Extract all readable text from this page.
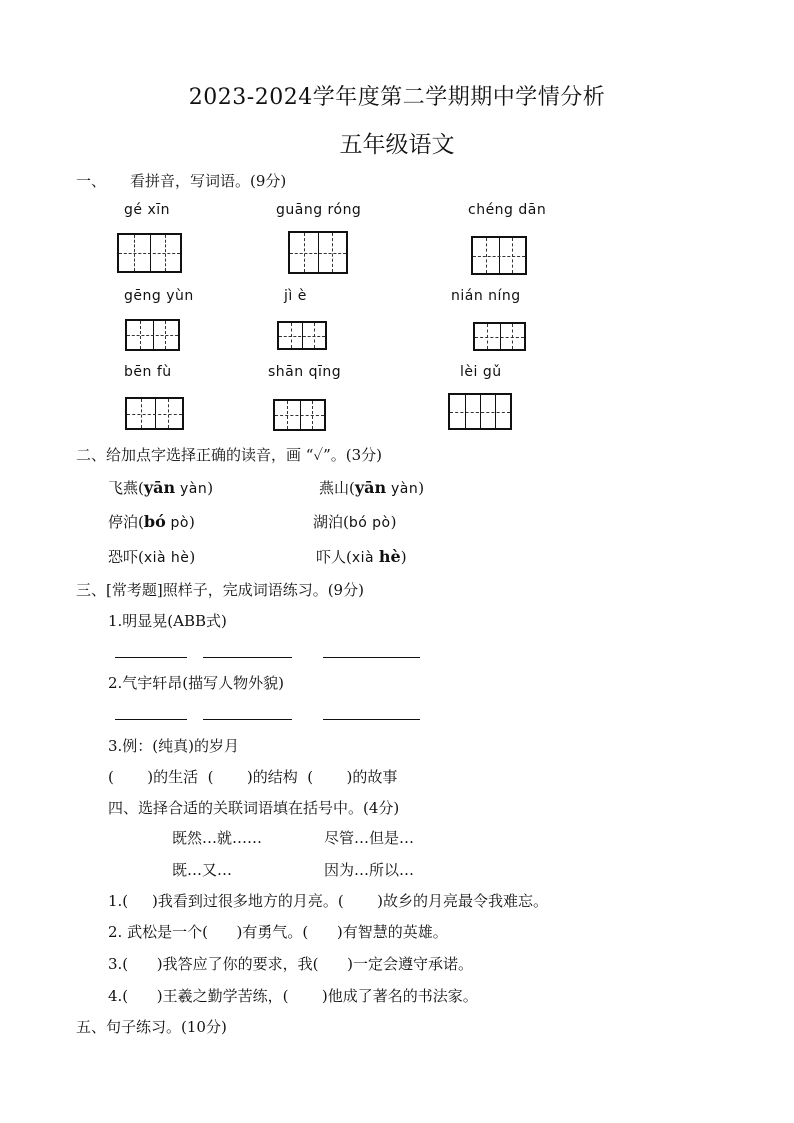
2023-2024学年度第二学期期中学情分析
五年级语文
一、 看拼音，写词语。(9分)
gé xīn	guāng róng	chéng dān
gēng yùn	jì è	nián níng
bēn fù	shān qīng	lèi gǔ
二、给加点字选择正确的读音，画 “✓”。(3分)
飞燕(yān yàn)	燕山(yān yàn)
停泊(bó pò)	湖泊(bó pò)
恐吓(xià hè)	吓人(xià hè)
三、[常考题]照样子，完成词语练习。(9分)
1.明显晃(ABB式)
2.气宇轩昂(描写人物外貌)
3.例：(纯真)的岁月
(       )的生活  (       )的结构  (       )的故事
四、选择合适的关联词语填在括号中。(4分)
既然…就……	尽管…但是…
既…又…	因为…所以…
1.(     )我看到过很多地方的月亮。(       )故乡的月亮最令我难忘。
2. 武松是一个(      )有勇气。(      )有智慧的英雄。
3.(      )我答应了你的要求，我(      )一定会遵守承诺。
4.(      )王羲之勤学苦练，(       )他成了著名的书法家。
五、句子练习。(10分)
